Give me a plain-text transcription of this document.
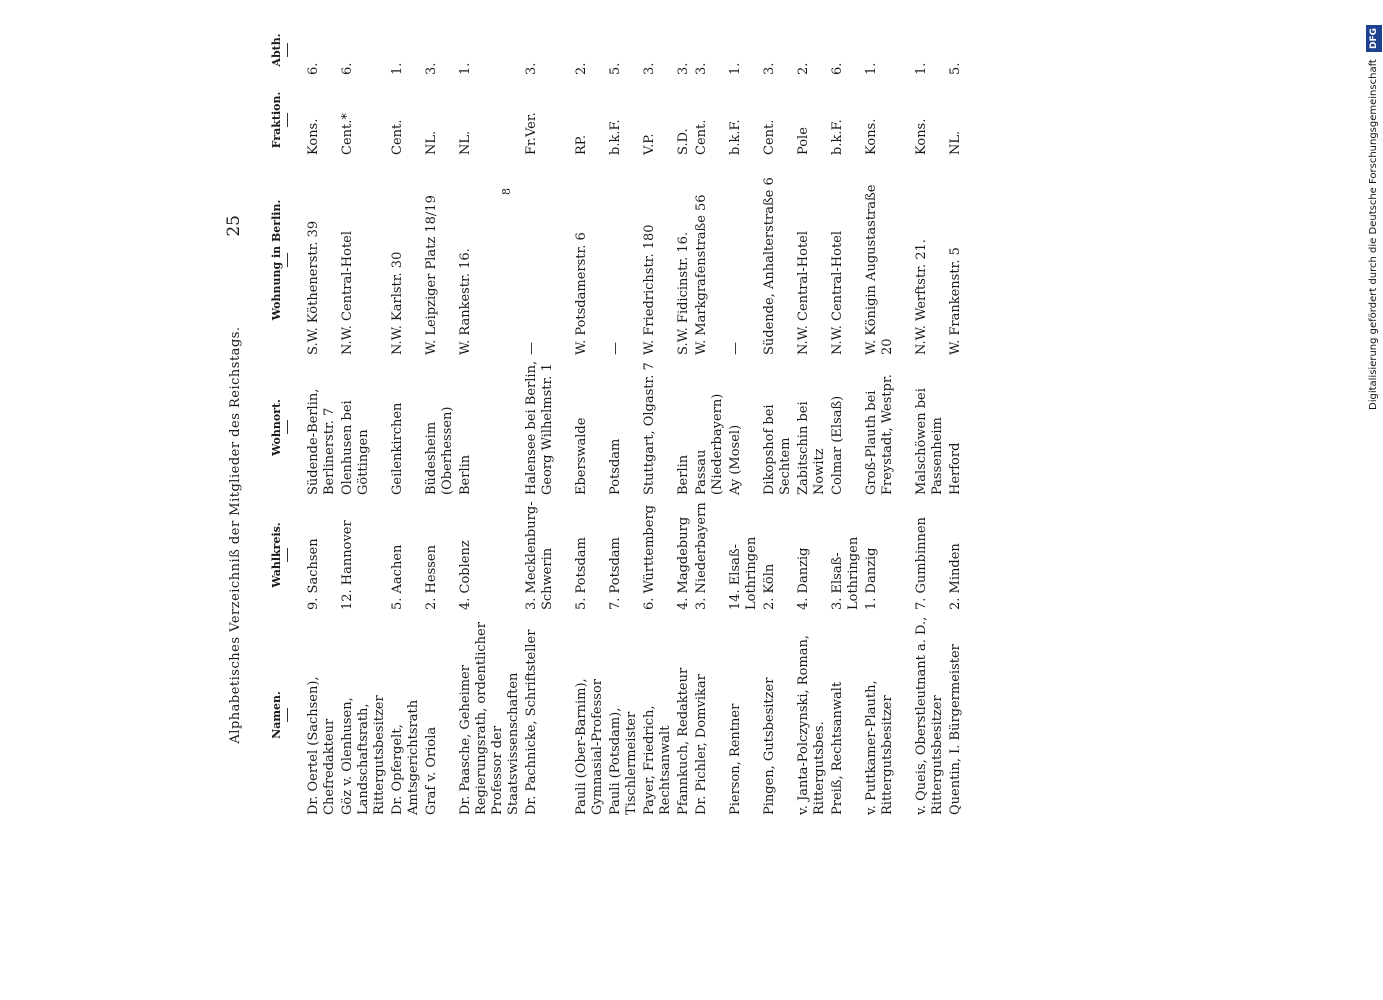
Alphabetisches Verzeichniß der Mitglieder des Reichstags.
25
Namen.
Wahlkreis.
Wohnort.
Wohnung in Berlin.
Fraktion.
Abth.
Dr. Oertel (Sachsen), Chefredakteur
9. Sachsen
Südende-Berlin, Berlinerstr. 7
S.W. Köthenerstr. 39
Kons.
6.
Göz v. Olenhusen, Landschaftsrath, Rittergutsbesitzer
12. Hannover
Olenhusen bei Göttingen
N.W. Central-Hotel
Cent.*
6.
Dr. Opfergelt, Amtsgerichtsrath
5. Aachen
Geilenkirchen
N.W. Karlstr. 30
Cent.
1.
Graf v. Oriola
2. Hessen
Büdesheim (Oberhessen)
W. Leipziger Platz 18/19
NL.
3.
Dr. Paasche, Geheimer Regierungsrath, ordentlicher Professor der Staatswissenschaften
4. Coblenz
Berlin
W. Rankestr. 16.
NL.
1.
Dr. Pachnicke, Schriftsteller
3. Mecklenburg-Schwerin
Halensee bei Berlin, Georg Wilhelmstr. 1
—
Fr.Ver.
3.
Pauli (Ober-Barnim), Gymnasial-Professor
5. Potsdam
Eberswalde
W. Potsdamerstr. 6
RP.
2.
Pauli (Potsdam), Tischlermeister
7. Potsdam
Potsdam
—
b.k.F.
5.
Payer, Friedrich, Rechtsanwalt
6. Württemberg
Stuttgart, Olgastr. 7
W. Friedrichstr. 180
V.P.
3.
Pfannkuch, Redakteur
4. Magdeburg
Berlin
S.W. Fidicinstr. 16.
S.D.
3.
Dr. Pichler, Domvikar
3. Niederbayern
Passau (Niederbayern)
W. Markgrafenstraße 56
Cent.
3.
Pierson, Rentner
14. Elsaß-Lothringen
Ay (Mosel)
—
b.k.F.
1.
Pingen, Gutsbesitzer
2. Köln
Dikopshof bei Sechtem
Südende, Anhalterstraße 6
Cent.
3.
v. Janta-Polczynski, Roman, Rittergutsbes.
4. Danzig
Zabitschin bei Nowitz
N.W. Central-Hotel
Pole
2.
Preiß, Rechtsanwalt
3. Elsaß-Lothringen
Colmar (Elsaß)
N.W. Central-Hotel
b.k.F.
6.
v. Puttkamer-Plauth, Rittergutsbesitzer
1. Danzig
Groß-Plauth bei Freystadt, Westpr.
W. Königin Augustastraße 20
Kons.
1.
v. Queis, Oberstleutnant a. D., Rittergutsbesitzer
7. Gumbinnen
Malschöwen bei Passenheim
N.W. Werftstr. 21.
Kons.
1.
Quentin, I. Bürgermeister
2. Minden
Herford
W. Frankenstr. 5
NL.
5.
8	Digitalisierung gefördert durch die Deutsche Forschungsgemeinschaft DFG
